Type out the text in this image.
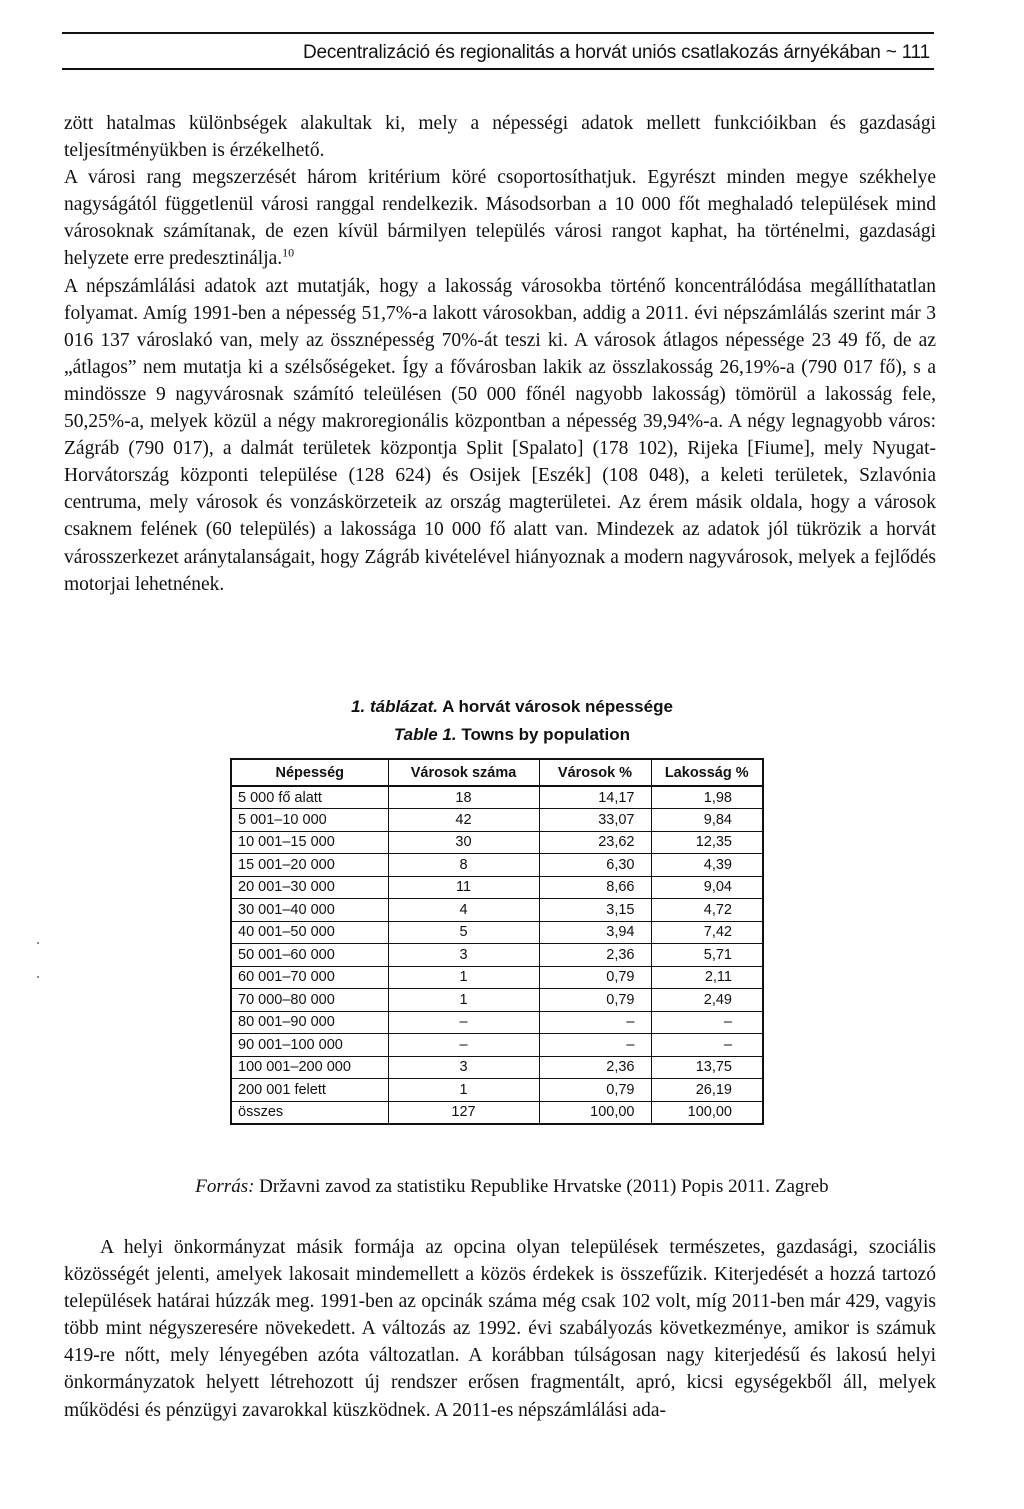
Decentralizáció és regionalitás a horvát uniós csatlakozás árnyékában ~ 111

zött hatalmas különbségek alakultak ki, mely a népességi adatok mellett funkcióikban és gazdasági teljesítményükben is érzékelhető.
A városi rang megszerzését három kritérium köré csoportosíthatjuk. Egyrészt minden megye székhelye nagyságától függetlenül városi ranggal rendelkezik. Másodsorban a 10 000 főt meghaladó települések mind városoknak számítanak, de ezen kívül bármilyen település városi rangot kaphat, ha történelmi, gazdasági helyzete erre predesztinálja.$^{10}$
A népszámlálási adatok azt mutatják, hogy a lakosság városokba történő koncentrálódása megállíthatatlan folyamat. Amíg 1991-ben a népesség 51,7%-a lakott városokban, addig a 2011. évi népszámlálás szerint már 3 016 137 városlakó van, mely az össznépesség 70%-át teszi ki. A városok átlagos népessége 23 49 fő, de az „átlagos” nem mutatja ki a szélsőségeket. Így a fővárosban lakik az összlakosság 26,19%-a (790 017 fő), s a mindössze 9 nagyvárosnak számító teleülésen (50 000 főnél nagyobb lakosság) tömörül a lakosság fele, 50,25%-a, melyek közül a négy makroregionális központban a népesség 39,94%-a. A négy legnagyobb város: Zágráb (790 017), a dalmát területek központja Split [Spalato] (178 102), Rijeka [Fiume], mely Nyugat-Horvátország központi települése (128 624) és Osijek [Eszék] (108 048), a keleti területek, Szlavónia centruma, mely városok és vonzáskörzeteik az ország magterületei. Az érem másik oldala, hogy a városok csaknem felének (60 település) a lakossága 10 000 fő alatt van. Mindezek az adatok jól tükrözik a horvát városszerkezet aránytalanságait, hogy Zágráb kivételével hiányoznak a modern nagyvárosok, melyek a fejlődés motorjai lehetnének.

1. táblázat. A horvát városok népessége
Table 1. Towns by population
Népesség	Városok száma	Városok %	Lakosság %
5 000 fő alatt	18	14,17	1,98
5 001–10 000	42	33,07	9,84
10 001–15 000	30	23,62	12,35
15 001–20 000	8	6,30	4,39
20 001–30 000	11	8,66	9,04
30 001–40 000	4	3,15	4,72
40 001–50 000	5	3,94	7,42
50 001–60 000	3	2,36	5,71
60 001–70 000	1	0,79	2,11
70 000–80 000	1	0,79	2,49
80 001–90 000	–	–	–
90 001–100 000	–	–	–
100 001–200 000	3	2,36	13,75
200 001 felett	1	0,79	26,19
összes	127	100,00	100,00
Forrás: Državni zavod za statistiku Republike Hrvatske (2011) Popis 2011. Zagreb

A helyi önkormányzat másik formája az opcina olyan települések természetes, gazdasági, szociális közösségét jelenti, amelyek lakosait mindemellett a közös érdekek is összefűzik. Kiterjedését a hozzá tartozó települések határai húzzák meg. 1991-ben az opcinák száma még csak 102 volt, míg 2011-ben már 429, vagyis több mint négyszeresére növekedett. A változás az 1992. évi szabályozás következménye, amikor is számuk 419-re nőtt, mely lényegében azóta változatlan. A korábban túlságosan nagy kiterjedésű és lakosú helyi önkormányzatok helyett létrehozott új rendszer erősen fragmentált, apró, kicsi egységekből áll, melyek működési és pénzügyi zavarokkal küszködnek. A 2011-es népszámlálási ada-
